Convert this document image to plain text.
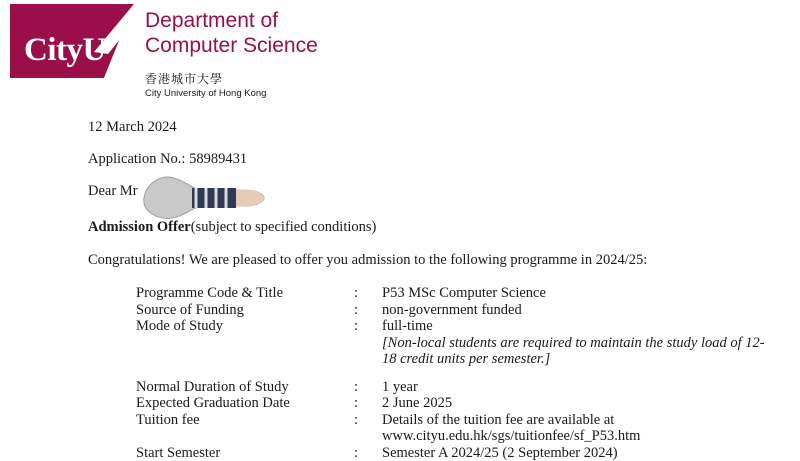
CityU
Department of
Computer Science
香港城市大學
City University of Hong Kong
12 March 2024
Application No.: 58989431
Dear Mr
Admission Offer(subject to specified conditions)
Congratulations! We are pleased to offer you admission to the following programme in 2024/25:
Programme Code & Title	:	P53 MSc Computer Science
Source of Funding	:	non-government funded
Mode of Study	:	full-time
[Non-local students are required to maintain the study load of 12-18 credit units per semester.]

Normal Duration of Study	:	1 year
Expected Graduation Date	:	2 June 2025
Tuition fee	:	Details of the tuition fee are available at
www.cityu.edu.hk/sgs/tuitionfee/sf_P53.htm
Start Semester	:	Semester A 2024/25 (2 September 2024)
